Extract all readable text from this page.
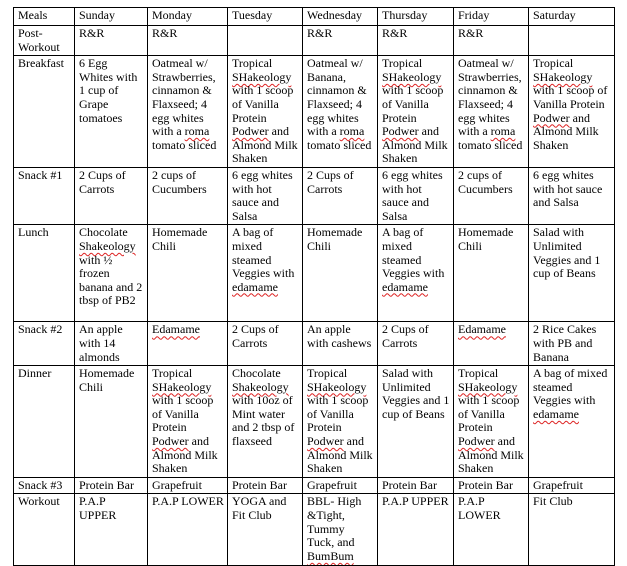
Meals	Sunday	Monday	Tuesday	Wednesday	Thursday	Friday	Saturday
Post-Workout	R&R	R&R		R&R	R&R	R&R	
Breakfast	6 Egg Whites with 1 cup of Grape tomatoes	Oatmeal w/ Strawberries, cinnamon & Flaxseed; 4 egg whites with a roma tomato sliced	Tropical SHakeology with 1 scoop of Vanilla Protein Podwer and Almond Milk Shaken	Oatmeal w/ Banana, cinnamon & Flaxseed; 4 egg whites with a roma tomato sliced	Tropical SHakeology with 1 scoop of Vanilla Protein Podwer and Almond Milk Shaken	Oatmeal w/ Strawberries, cinnamon & Flaxseed; 4 egg whites with a roma tomato sliced	Tropical SHakeology with 1 scoop of Vanilla Protein Podwer and Almond Milk Shaken
Snack #1	2 Cups of Carrots	2 cups of Cucumbers	6 egg whites with hot sauce and Salsa	2 Cups of Carrots	6 egg whites with hot sauce and Salsa	2 cups of Cucumbers	6 egg whites with hot sauce and Salsa
Lunch	Chocolate Shakeology with ½ frozen banana and 2 tbsp of PB2	Homemade Chili	A bag of mixed steamed Veggies with edamame	Homemade Chili	A bag of mixed steamed Veggies with edamame	Homemade Chili	Salad with Unlimited Veggies and 1 cup of Beans
Snack #2	An apple with 14 almonds	Edamame	2 Cups of Carrots	An apple with cashews	2 Cups of Carrots	Edamame	2 Rice Cakes with PB and Banana
Dinner	Homemade Chili	Tropical SHakeology with 1 scoop of Vanilla Protein Podwer and Almond Milk Shaken	Chocolate Shakeology with 10oz of Mint water and 2 tbsp of flaxseed	Tropical SHakeology with 1 scoop of Vanilla Protein Podwer and Almond Milk Shaken	Salad with Unlimited Veggies and 1 cup of Beans	Tropical SHakeology with 1 scoop of Vanilla Protein Podwer and Almond Milk Shaken	A bag of mixed steamed Veggies with edamame
Snack #3	Protein Bar	Grapefruit	Protein Bar	Grapefruit	Protein Bar	Protein Bar	Grapefruit
Workout	P.A.P UPPER	P.A.P LOWER	YOGA and Fit Club	BBL- High &Tight, Tummy Tuck, and BumBum	P.A.P UPPER	P.A.P LOWER	Fit Club
